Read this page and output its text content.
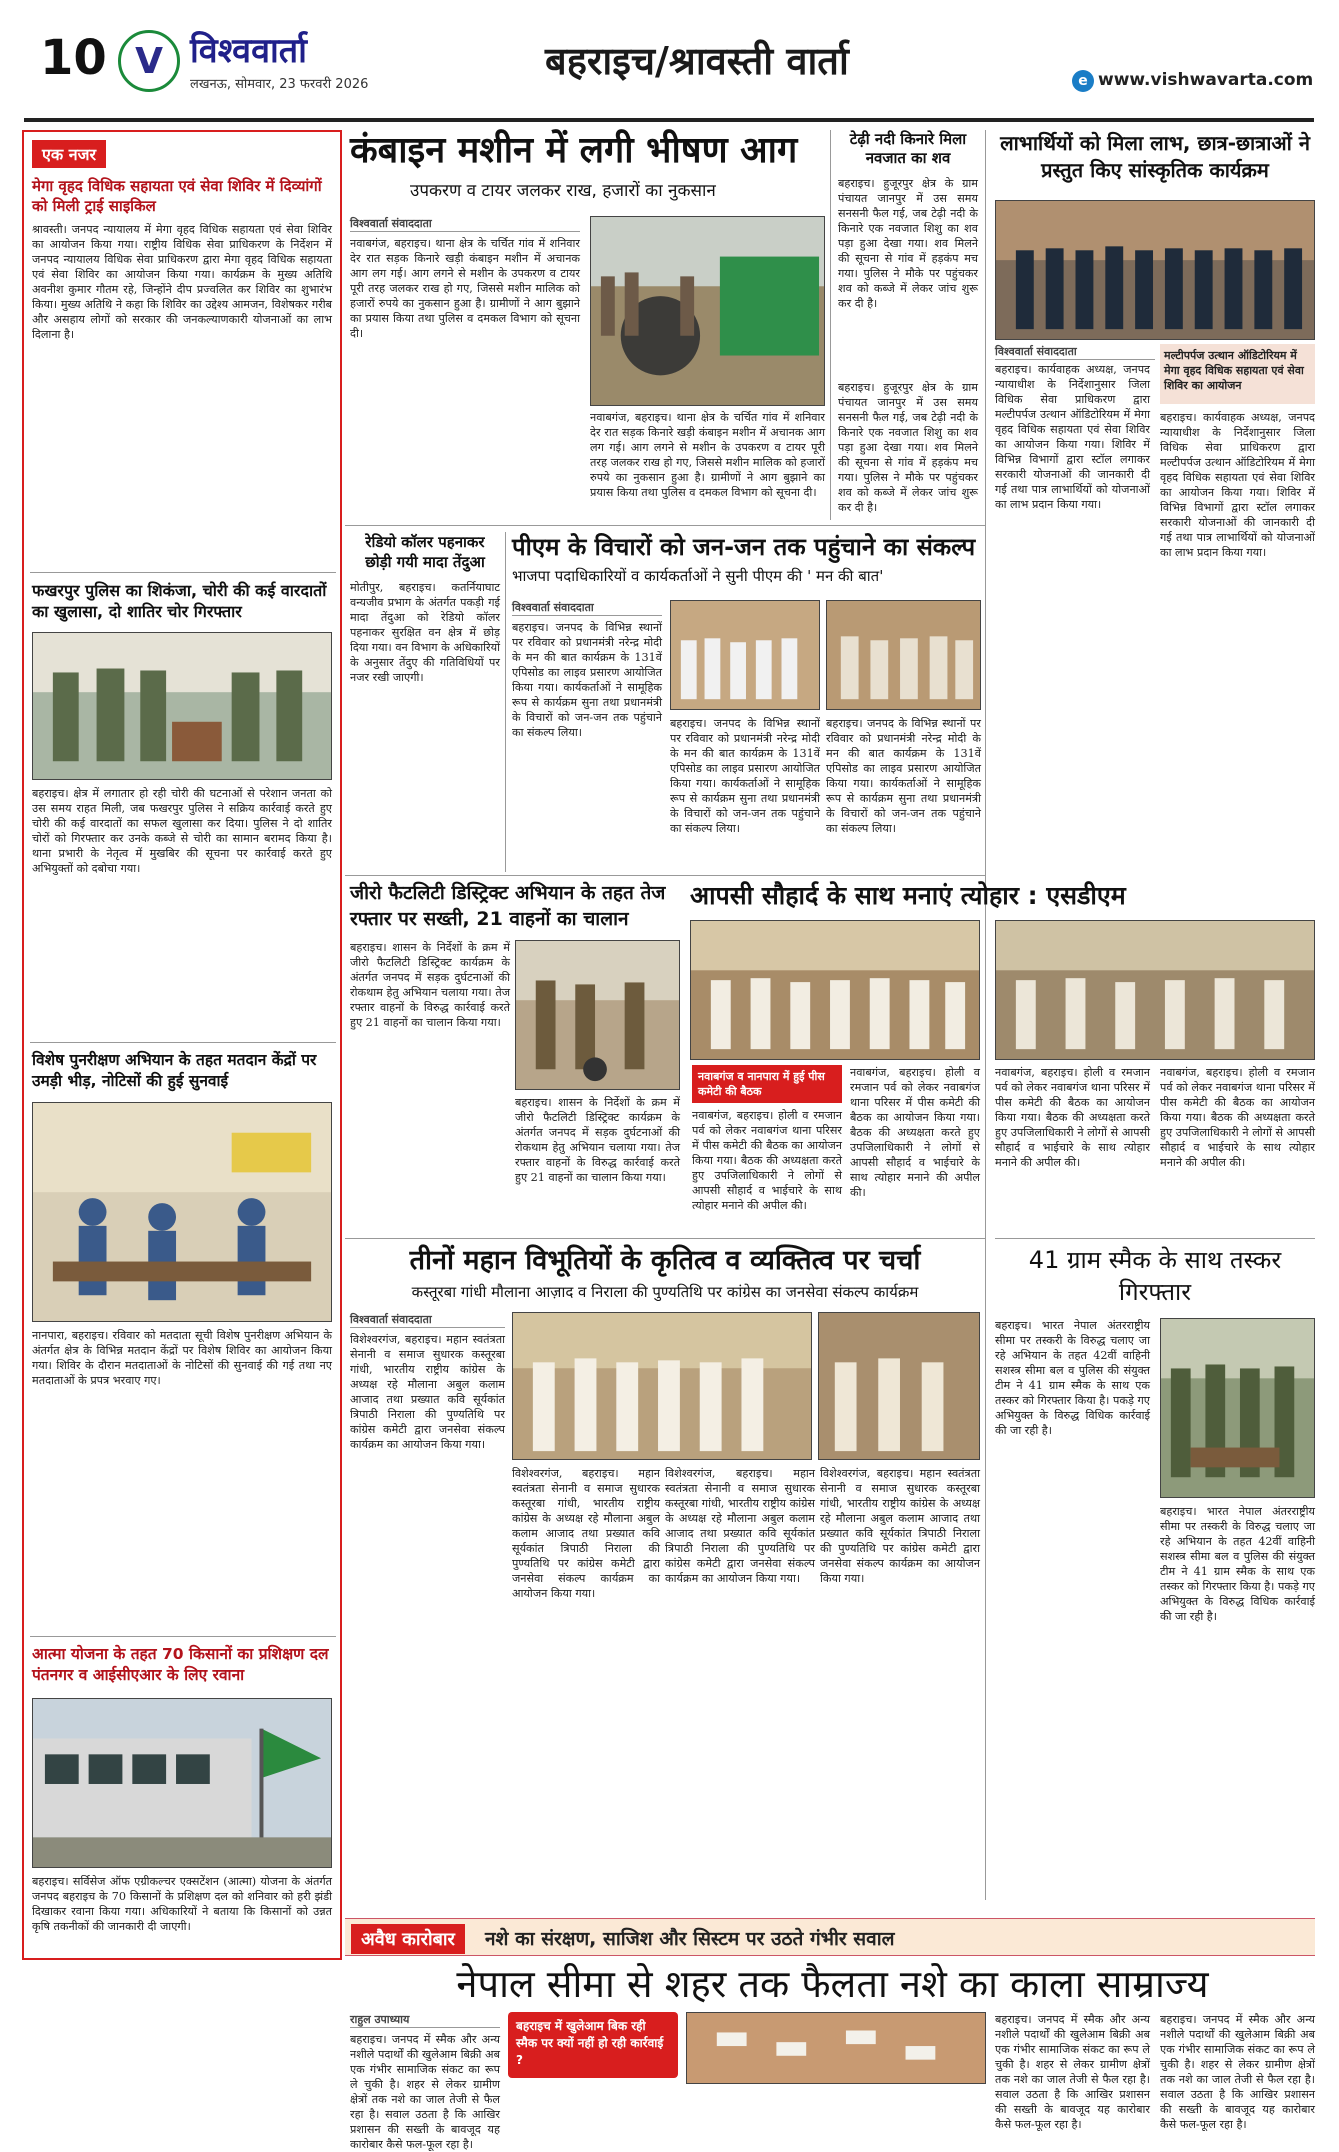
10 V विश्ववार्ता
लखनऊ, सोमवार, 23 फरवरी 2026
बहराइच/श्रावस्ती वार्ता	e www.vishwavarta.com
एक नजर
मेगा वृहद विधिक सहायता एवं सेवा शिविर में दिव्यांगों को मिली ट्राई साइकिल
श्रावस्ती। जनपद न्यायालय में मेगा वृहद विधिक सहायता एवं सेवा शिविर का आयोजन किया गया। राष्ट्रीय विधिक सेवा प्राधिकरण के निर्देशन में जनपद न्यायालय विधिक सेवा प्राधिकरण द्वारा मेगा वृहद विधिक सहायता एवं सेवा शिविर का आयोजन किया गया। कार्यक्रम के मुख्य अतिथि अवनीश कुमार गौतम रहे, जिन्होंने दीप प्रज्वलित कर शिविर का शुभारंभ किया। मुख्य अतिथि ने कहा कि शिविर का उद्देश्य आमजन, विशेषकर गरीब और असहाय लोगों को सरकार की जनकल्याणकारी योजनाओं का लाभ दिलाना है।
फखरपुर पुलिस का शिकंजा, चोरी की कई वारदातों का खुलासा, दो शातिर चोर गिरफ्तार
बहराइच। क्षेत्र में लगातार हो रही चोरी की घटनाओं से परेशान जनता को उस समय राहत मिली, जब फखरपुर पुलिस ने सक्रिय कार्रवाई करते हुए चोरी की कई वारदातों का सफल खुलासा कर दिया। पुलिस ने दो शातिर चोरों को गिरफ्तार कर उनके कब्जे से चोरी का सामान बरामद किया है। थाना प्रभारी के नेतृत्व में मुखबिर की सूचना पर कार्रवाई करते हुए अभियुक्तों को दबोचा गया।
विशेष पुनरीक्षण अभियान के तहत मतदान केंद्रों पर उमड़ी भीड़, नोटिसों की हुई सुनवाई
नानपारा, बहराइच। रविवार को मतदाता सूची विशेष पुनरीक्षण अभियान के अंतर्गत क्षेत्र के विभिन्न मतदान केंद्रों पर विशेष शिविर का आयोजन किया गया। शिविर के दौरान मतदाताओं के नोटिसों की सुनवाई की गई तथा नए मतदाताओं के प्रपत्र भरवाए गए।
आत्मा योजना के तहत 70 किसानों का प्रशिक्षण दल पंतनगर व आईसीएआर के लिए रवाना
बहराइच। सर्विसेज ऑफ एग्रीकल्चर एक्सटेंशन (आत्मा) योजना के अंतर्गत जनपद बहराइच के 70 किसानों के प्रशिक्षण दल को शनिवार को हरी झंडी दिखाकर रवाना किया गया। अधिकारियों ने बताया कि किसानों को उन्नत कृषि तकनीकों की जानकारी दी जाएगी।
कंबाइन मशीन में लगी भीषण आग
उपकरण व टायर जलकर राख, हजारों का नुकसान
विश्ववार्ता संवाददाता
नवाबगंज, बहराइच। थाना क्षेत्र के चर्चित गांव में शनिवार देर रात सड़क किनारे खड़ी कंबाइन मशीन में अचानक आग लग गई। आग लगने से मशीन के उपकरण व टायर पूरी तरह जलकर राख हो गए, जिससे मशीन मालिक को हजारों रुपये का नुकसान हुआ है। ग्रामीणों ने आग बुझाने का प्रयास किया तथा पुलिस व दमकल विभाग को सूचना दी।
नवाबगंज, बहराइच। थाना क्षेत्र के चर्चित गांव में शनिवार देर रात सड़क किनारे खड़ी कंबाइन मशीन में अचानक आग लग गई। आग लगने से मशीन के उपकरण व टायर पूरी तरह जलकर राख हो गए, जिससे मशीन मालिक को हजारों रुपये का नुकसान हुआ है। ग्रामीणों ने आग बुझाने का प्रयास किया तथा पुलिस व दमकल विभाग को सूचना दी।
टेढ़ी नदी किनारे मिला नवजात का शव
बहराइच। हुजूरपुर क्षेत्र के ग्राम पंचायत जानपुर में उस समय सनसनी फैल गई, जब टेढ़ी नदी के किनारे एक नवजात शिशु का शव पड़ा हुआ देखा गया। शव मिलने की सूचना से गांव में हड़कंप मच गया। पुलिस ने मौके पर पहुंचकर शव को कब्जे में लेकर जांच शुरू कर दी है।
बहराइच। हुजूरपुर क्षेत्र के ग्राम पंचायत जानपुर में उस समय सनसनी फैल गई, जब टेढ़ी नदी के किनारे एक नवजात शिशु का शव पड़ा हुआ देखा गया। शव मिलने की सूचना से गांव में हड़कंप मच गया। पुलिस ने मौके पर पहुंचकर शव को कब्जे में लेकर जांच शुरू कर दी है।
लाभार्थियों को मिला लाभ, छात्र-छात्राओं ने प्रस्तुत किए सांस्कृतिक कार्यक्रम
विश्ववार्ता संवाददाता	मल्टीपर्पज उत्थान ऑडिटोरियम में मेगा वृहद विधिक सहायता एवं सेवा शिविर का आयोजन
बहराइच। कार्यवाहक अध्यक्ष, जनपद न्यायाधीश के निर्देशानुसार जिला विधिक सेवा प्राधिकरण द्वारा मल्टीपर्पज उत्थान ऑडिटोरियम में मेगा वृहद विधिक सहायता एवं सेवा शिविर का आयोजन किया गया। शिविर में विभिन्न विभागों द्वारा स्टॉल लगाकर सरकारी योजनाओं की जानकारी दी गई तथा पात्र लाभार्थियों को योजनाओं का लाभ प्रदान किया गया।
बहराइच। कार्यवाहक अध्यक्ष, जनपद न्यायाधीश के निर्देशानुसार जिला विधिक सेवा प्राधिकरण द्वारा मल्टीपर्पज उत्थान ऑडिटोरियम में मेगा वृहद विधिक सहायता एवं सेवा शिविर का आयोजन किया गया। शिविर में विभिन्न विभागों द्वारा स्टॉल लगाकर सरकारी योजनाओं की जानकारी दी गई तथा पात्र लाभार्थियों को योजनाओं का लाभ प्रदान किया गया।
रेडियो कॉलर पहनाकर छोड़ी गयी मादा तेंदुआ
मोतीपुर, बहराइच। कतर्नियाघाट वन्यजीव प्रभाग के अंतर्गत पकड़ी गई मादा तेंदुआ को रेडियो कॉलर पहनाकर सुरक्षित वन क्षेत्र में छोड़ दिया गया। वन विभाग के अधिकारियों के अनुसार तेंदुए की गतिविधियों पर नजर रखी जाएगी।
पीएम के विचारों को जन-जन तक पहुंचाने का संकल्प
भाजपा पदाधिकारियों व कार्यकर्ताओं ने सुनी पीएम की ' मन की बात'
विश्ववार्ता संवाददाता
बहराइच। जनपद के विभिन्न स्थानों पर रविवार को प्रधानमंत्री नरेन्द्र मोदी के मन की बात कार्यक्रम के 131वें एपिसोड का लाइव प्रसारण आयोजित किया गया। कार्यकर्ताओं ने सामूहिक रूप से कार्यक्रम सुना तथा प्रधानमंत्री के विचारों को जन-जन तक पहुंचाने का संकल्प लिया।
बहराइच। जनपद के विभिन्न स्थानों पर रविवार को प्रधानमंत्री नरेन्द्र मोदी के मन की बात कार्यक्रम के 131वें एपिसोड का लाइव प्रसारण आयोजित किया गया। कार्यकर्ताओं ने सामूहिक रूप से कार्यक्रम सुना तथा प्रधानमंत्री के विचारों को जन-जन तक पहुंचाने का संकल्प लिया।
बहराइच। जनपद के विभिन्न स्थानों पर रविवार को प्रधानमंत्री नरेन्द्र मोदी के मन की बात कार्यक्रम के 131वें एपिसोड का लाइव प्रसारण आयोजित किया गया। कार्यकर्ताओं ने सामूहिक रूप से कार्यक्रम सुना तथा प्रधानमंत्री के विचारों को जन-जन तक पहुंचाने का संकल्प लिया।
जीरो फैटलिटी डिस्ट्रिक्ट अभियान के तहत तेज रफ्तार पर सख्ती, 21 वाहनों का चालान
बहराइच। शासन के निर्देशों के क्रम में जीरो फैटलिटी डिस्ट्रिक्ट कार्यक्रम के अंतर्गत जनपद में सड़क दुर्घटनाओं की रोकथाम हेतु अभियान चलाया गया। तेज रफ्तार वाहनों के विरुद्ध कार्रवाई करते हुए 21 वाहनों का चालान किया गया।
बहराइच। शासन के निर्देशों के क्रम में जीरो फैटलिटी डिस्ट्रिक्ट कार्यक्रम के अंतर्गत जनपद में सड़क दुर्घटनाओं की रोकथाम हेतु अभियान चलाया गया। तेज रफ्तार वाहनों के विरुद्ध कार्रवाई करते हुए 21 वाहनों का चालान किया गया।
आपसी सौहार्द के साथ मनाएं त्योहार : एसडीएम
नवाबगंज व नानपारा में हुई पीस कमेटी की बैठक
नवाबगंज, बहराइच। होली व रमजान पर्व को लेकर नवाबगंज थाना परिसर में पीस कमेटी की बैठक का आयोजन किया गया। बैठक की अध्यक्षता करते हुए उपजिलाधिकारी ने लोगों से आपसी सौहार्द व भाईचारे के साथ त्योहार मनाने की अपील की।
नवाबगंज, बहराइच। होली व रमजान पर्व को लेकर नवाबगंज थाना परिसर में पीस कमेटी की बैठक का आयोजन किया गया। बैठक की अध्यक्षता करते हुए उपजिलाधिकारी ने लोगों से आपसी सौहार्द व भाईचारे के साथ त्योहार मनाने की अपील की।
नवाबगंज, बहराइच। होली व रमजान पर्व को लेकर नवाबगंज थाना परिसर में पीस कमेटी की बैठक का आयोजन किया गया। बैठक की अध्यक्षता करते हुए उपजिलाधिकारी ने लोगों से आपसी सौहार्द व भाईचारे के साथ त्योहार मनाने की अपील की।
नवाबगंज, बहराइच। होली व रमजान पर्व को लेकर नवाबगंज थाना परिसर में पीस कमेटी की बैठक का आयोजन किया गया। बैठक की अध्यक्षता करते हुए उपजिलाधिकारी ने लोगों से आपसी सौहार्द व भाईचारे के साथ त्योहार मनाने की अपील की।
तीनों महान विभूतियों के कृतित्व व व्यक्तित्व पर चर्चा
कस्तूरबा गांधी मौलाना आज़ाद व निराला की पुण्यतिथि पर कांग्रेस का जनसेवा संकल्प कार्यक्रम
विश्ववार्ता संवाददाता
विशेश्वरगंज, बहराइच। महान स्वतंत्रता सेनानी व समाज सुधारक कस्तूरबा गांधी, भारतीय राष्ट्रीय कांग्रेस के अध्यक्ष रहे मौलाना अबुल कलाम आजाद तथा प्रख्यात कवि सूर्यकांत त्रिपाठी निराला की पुण्यतिथि पर कांग्रेस कमेटी द्वारा जनसेवा संकल्प कार्यक्रम का आयोजन किया गया।
विशेश्वरगंज, बहराइच। महान स्वतंत्रता सेनानी व समाज सुधारक कस्तूरबा गांधी, भारतीय राष्ट्रीय कांग्रेस के अध्यक्ष रहे मौलाना अबुल कलाम आजाद तथा प्रख्यात कवि सूर्यकांत त्रिपाठी निराला की पुण्यतिथि पर कांग्रेस कमेटी द्वारा जनसेवा संकल्प कार्यक्रम का आयोजन किया गया।
विशेश्वरगंज, बहराइच। महान स्वतंत्रता सेनानी व समाज सुधारक कस्तूरबा गांधी, भारतीय राष्ट्रीय कांग्रेस के अध्यक्ष रहे मौलाना अबुल कलाम आजाद तथा प्रख्यात कवि सूर्यकांत त्रिपाठी निराला की पुण्यतिथि पर कांग्रेस कमेटी द्वारा जनसेवा संकल्प कार्यक्रम का आयोजन किया गया।
विशेश्वरगंज, बहराइच। महान स्वतंत्रता सेनानी व समाज सुधारक कस्तूरबा गांधी, भारतीय राष्ट्रीय कांग्रेस के अध्यक्ष रहे मौलाना अबुल कलाम आजाद तथा प्रख्यात कवि सूर्यकांत त्रिपाठी निराला की पुण्यतिथि पर कांग्रेस कमेटी द्वारा जनसेवा संकल्प कार्यक्रम का आयोजन किया गया।
41 ग्राम स्मैक के साथ तस्कर गिरफ्तार
बहराइच। भारत नेपाल अंतरराष्ट्रीय सीमा पर तस्करी के विरुद्ध चलाए जा रहे अभियान के तहत 42वीं वाहिनी सशस्त्र सीमा बल व पुलिस की संयुक्त टीम ने 41 ग्राम स्मैक के साथ एक तस्कर को गिरफ्तार किया है। पकड़े गए अभियुक्त के विरुद्ध विधिक कार्रवाई की जा रही है।
बहराइच। भारत नेपाल अंतरराष्ट्रीय सीमा पर तस्करी के विरुद्ध चलाए जा रहे अभियान के तहत 42वीं वाहिनी सशस्त्र सीमा बल व पुलिस की संयुक्त टीम ने 41 ग्राम स्मैक के साथ एक तस्कर को गिरफ्तार किया है। पकड़े गए अभियुक्त के विरुद्ध विधिक कार्रवाई की जा रही है।
अवैध कारोबार	नशे का संरक्षण, साजिश और सिस्टम पर उठते गंभीर सवाल
नेपाल सीमा से शहर तक फैलता नशे का काला साम्राज्य
राहुल उपाध्याय
बहराइच। जनपद में स्मैक और अन्य नशीले पदार्थों की खुलेआम बिक्री अब एक गंभीर सामाजिक संकट का रूप ले चुकी है। शहर से लेकर ग्रामीण क्षेत्रों तक नशे का जाल तेजी से फैल रहा है। सवाल उठता है कि आखिर प्रशासन की सख्ती के बावजूद यह कारोबार कैसे फल-फूल रहा है।
बहराइच में खुलेआम बिक रही स्मैक पर क्यों नहीं हो रही कार्रवाई ?
बहराइच। जनपद में स्मैक और अन्य नशीले पदार्थों की खुलेआम बिक्री अब एक गंभीर सामाजिक संकट का रूप ले चुकी है। शहर से लेकर ग्रामीण क्षेत्रों तक नशे का जाल तेजी से फैल रहा है। सवाल उठता है कि आखिर प्रशासन की सख्ती के बावजूद यह कारोबार कैसे फल-फूल रहा है।
बहराइच। जनपद में स्मैक और अन्य नशीले पदार्थों की खुलेआम बिक्री अब एक गंभीर सामाजिक संकट का रूप ले चुकी है। शहर से लेकर ग्रामीण क्षेत्रों तक नशे का जाल तेजी से फैल रहा है। सवाल उठता है कि आखिर प्रशासन की सख्ती के बावजूद यह कारोबार कैसे फल-फूल रहा है।
